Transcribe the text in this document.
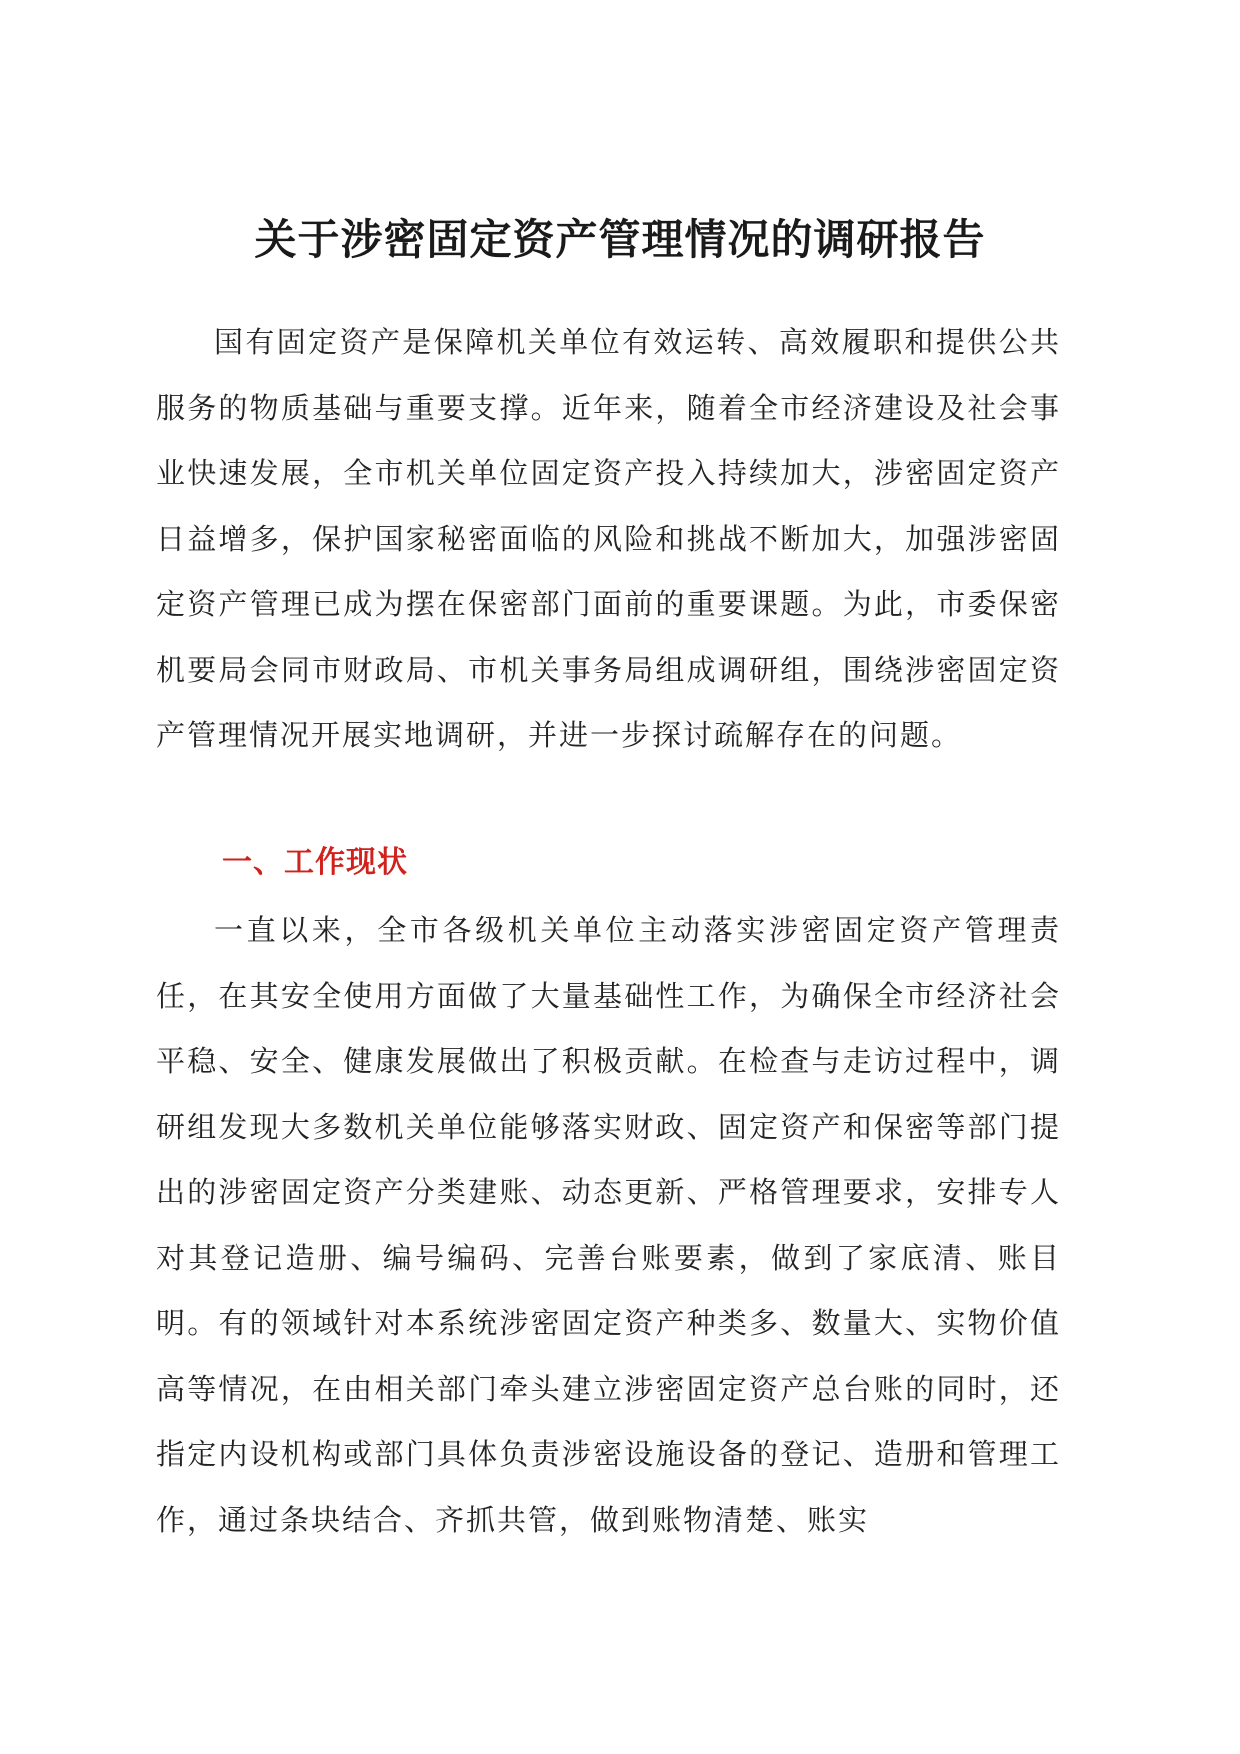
关于涉密固定资产管理情况的调研报告

国有固定资产是保障机关单位有效运转、高效履职和提供公共服务的物质基础与重要支撑。近年来，随着全市经济建设及社会事业快速发展，全市机关单位固定资产投入持续加大，涉密固定资产日益增多，保护国家秘密面临的风险和挑战不断加大，加强涉密固定资产管理已成为摆在保密部门面前的重要课题。为此，市委保密机要局会同市财政局、市机关事务局组成调研组，围绕涉密固定资产管理情况开展实地调研，并进一步探讨疏解存在的问题。

一、工作现状

一直以来，全市各级机关单位主动落实涉密固定资产管理责任，在其安全使用方面做了大量基础性工作，为确保全市经济社会平稳、安全、健康发展做出了积极贡献。在检查与走访过程中，调研组发现大多数机关单位能够落实财政、固定资产和保密等部门提出的涉密固定资产分类建账、动态更新、严格管理要求，安排专人对其登记造册、编号编码、完善台账要素，做到了家底清、账目明。有的领域针对本系统涉密固定资产种类多、数量大、实物价值高等情况，在由相关部门牵头建立涉密固定资产总台账的同时，还指定内设机构或部门具体负责涉密设施设备的登记、造册和管理工作，通过条块结合、齐抓共管，做到账物清楚、账实
